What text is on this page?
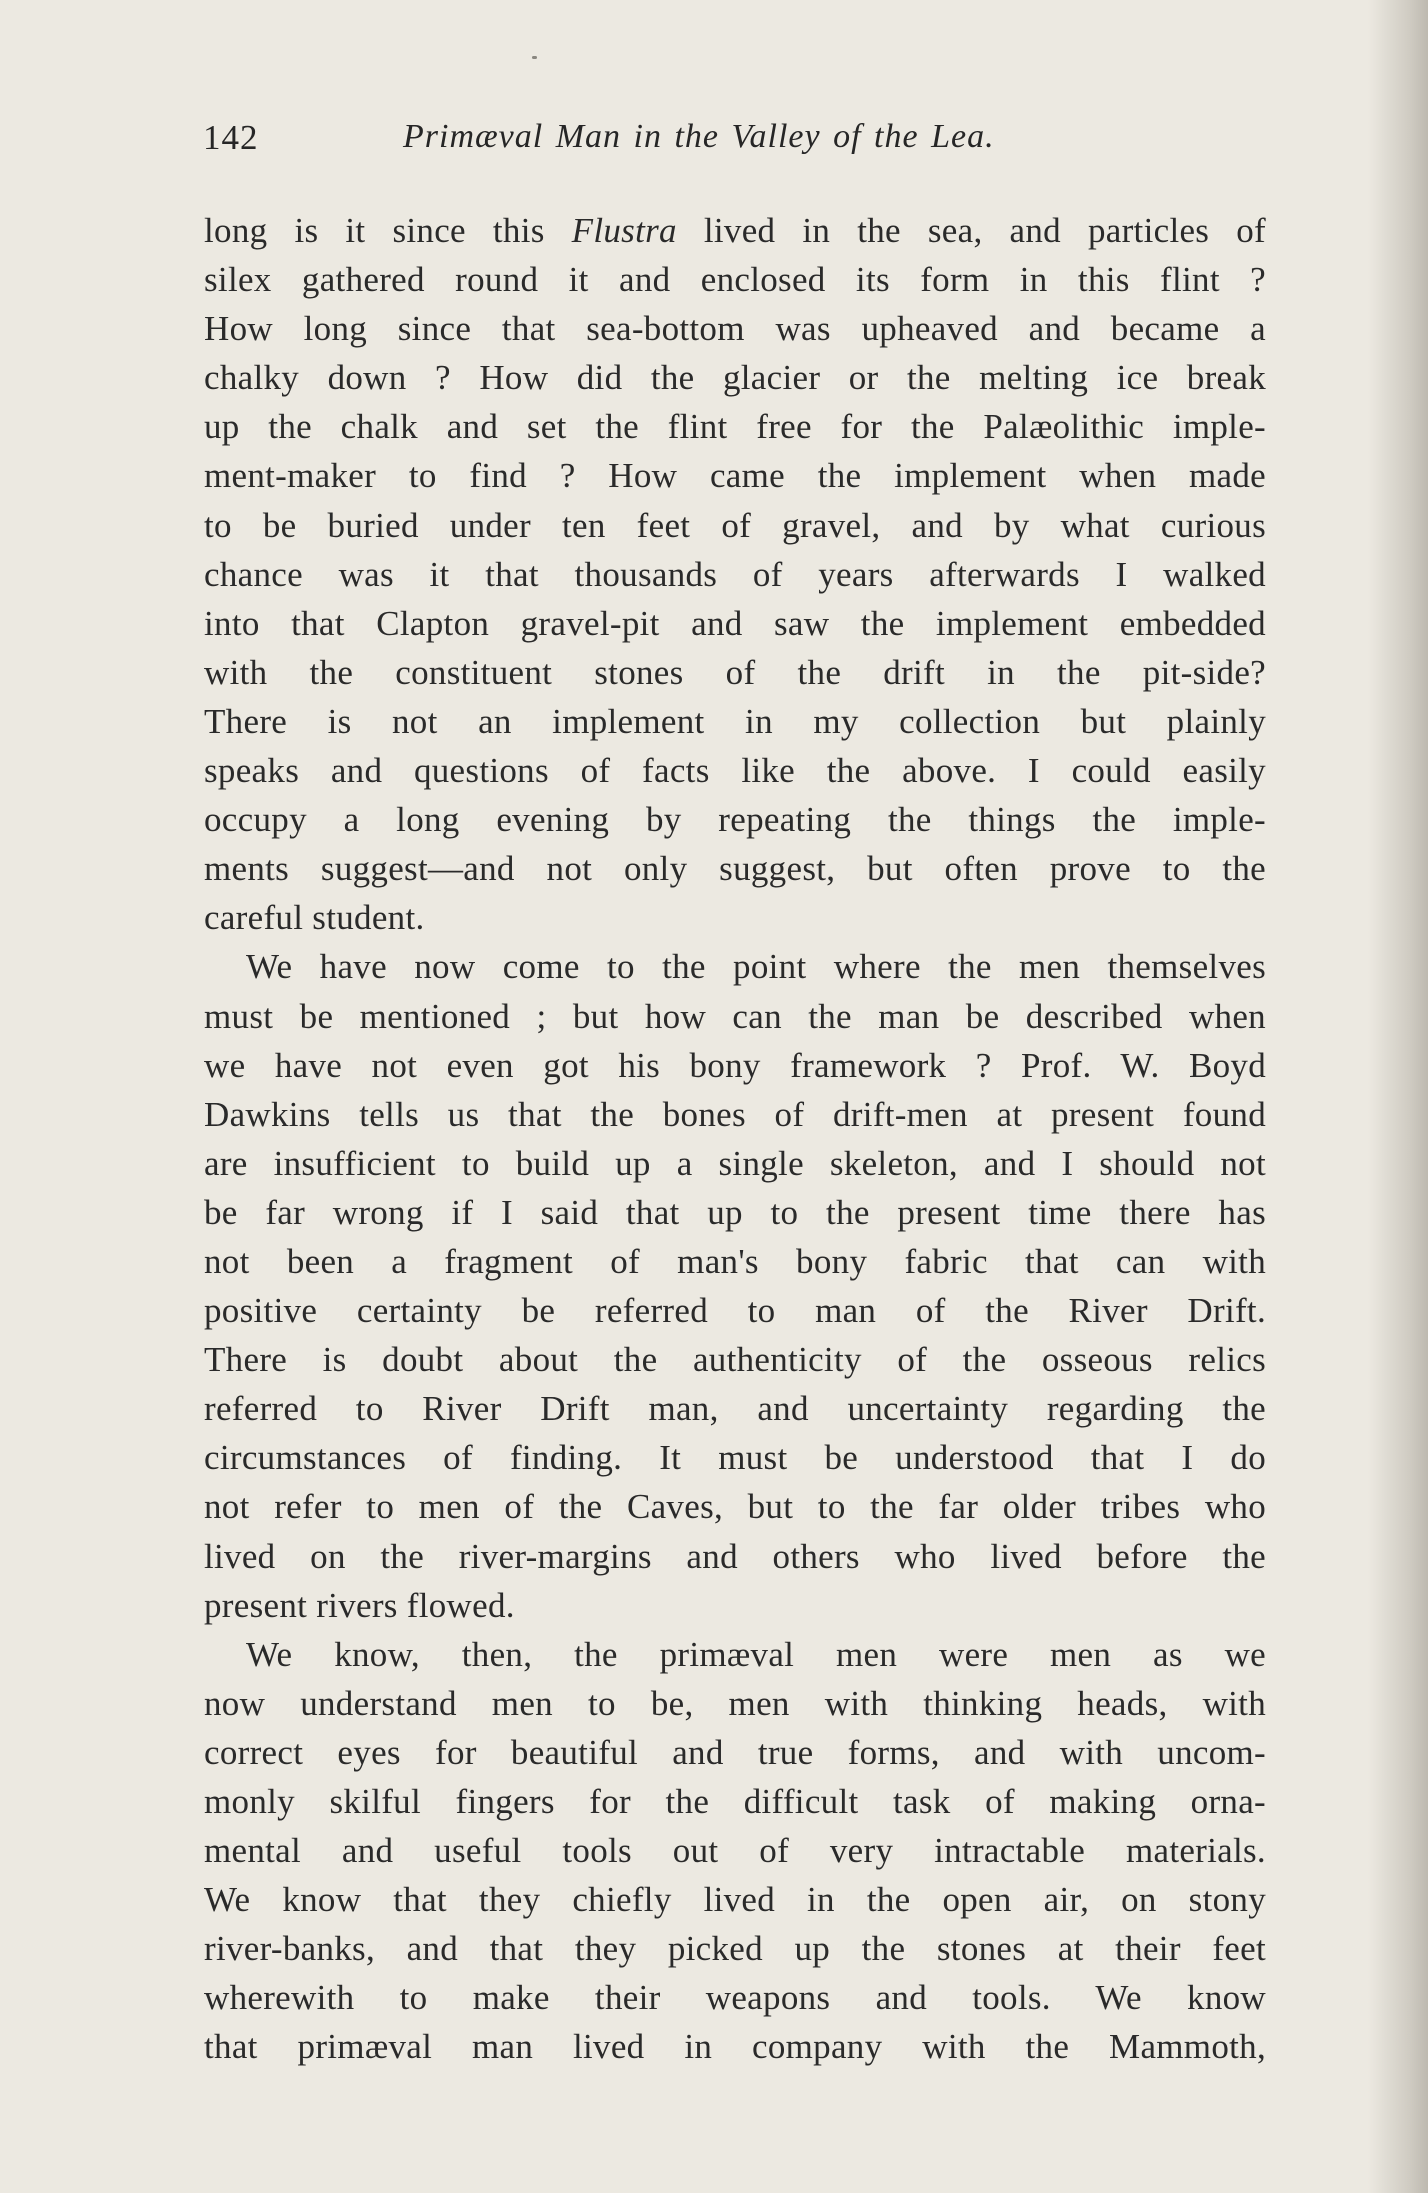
142	Primæval Man in the Valley of the Lea.
long is it since this Flustra lived in the sea, and particles of
silex gathered round it and enclosed its form in this flint ?
How long since that sea-bottom was upheaved and became a
chalky down ? How did the glacier or the melting ice break
up the chalk and set the flint free for the Palæolithic imple-
ment-maker to find ? How came the implement when made
to be buried under ten feet of gravel, and by what curious
chance was it that thousands of years afterwards I walked
into that Clapton gravel-pit and saw the implement embedded
with the constituent stones of the drift in the pit-side?
There is not an implement in my collection but plainly
speaks and questions of facts like the above. I could easily
occupy a long evening by repeating the things the imple-
ments suggest—and not only suggest, but often prove to the
careful student.
We have now come to the point where the men themselves
must be mentioned ; but how can the man be described when
we have not even got his bony framework ? Prof. W. Boyd
Dawkins tells us that the bones of drift-men at present found
are insufficient to build up a single skeleton, and I should not
be far wrong if I said that up to the present time there has
not been a fragment of man's bony fabric that can with
positive certainty be referred to man of the River Drift.
There is doubt about the authenticity of the osseous relics
referred to River Drift man, and uncertainty regarding the
circumstances of finding. It must be understood that I do
not refer to men of the Caves, but to the far older tribes who
lived on the river-margins and others who lived before the
present rivers flowed.
We know, then, the primæval men were men as we
now understand men to be, men with thinking heads, with
correct eyes for beautiful and true forms, and with uncom-
monly skilful fingers for the difficult task of making orna-
mental and useful tools out of very intractable materials.
We know that they chiefly lived in the open air, on stony
river-banks, and that they picked up the stones at their feet
wherewith to make their weapons and tools. We know
that primæval man lived in company with the Mammoth,
